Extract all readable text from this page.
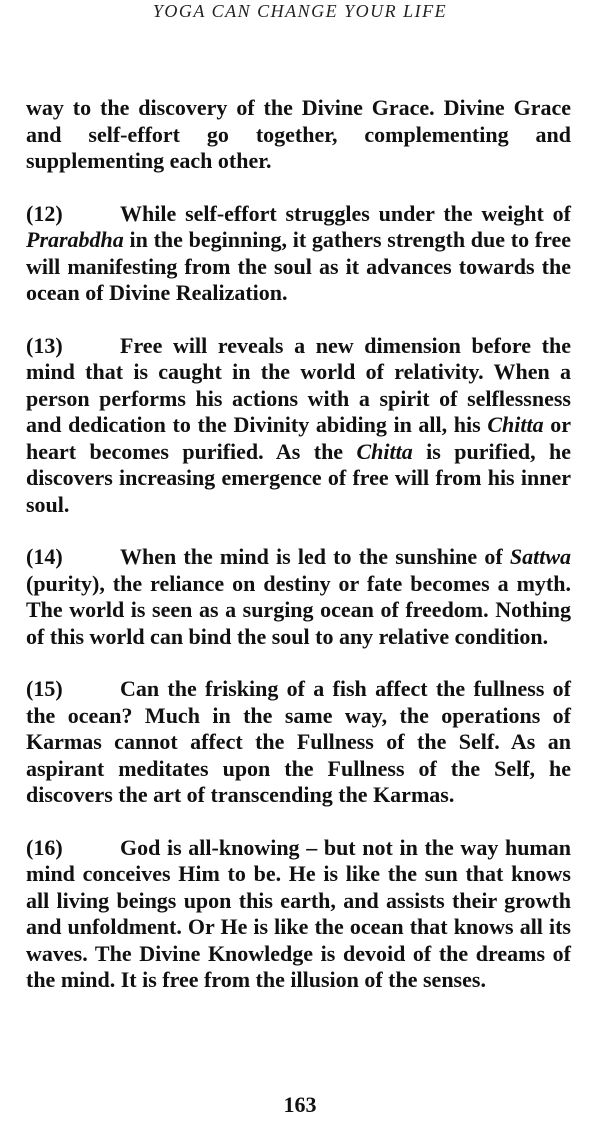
YOGA CAN CHANGE YOUR LIFE

way to the discovery of the Divine Grace. Divine Grace and self-effort go together, complementing and supplementing each other.

(12)	While self-effort struggles under the weight of Prarabdha in the beginning, it gathers strength due to free will manifesting from the soul as it advances towards the ocean of Divine Realization.

(13)	Free will reveals a new dimension before the mind that is caught in the world of relativity. When a person performs his actions with a spirit of selflessness and dedication to the Divinity abiding in all, his Chitta or heart becomes purified. As the Chitta is purified, he discovers increasing emergence of free will from his inner soul.

(14)	When the mind is led to the sunshine of Sattwa (purity), the reliance on destiny or fate becomes a myth. The world is seen as a surging ocean of freedom. Nothing of this world can bind the soul to any relative condition.

(15)	Can the frisking of a fish affect the fullness of the ocean? Much in the same way, the operations of Karmas cannot affect the Fullness of the Self. As an aspirant meditates upon the Fullness of the Self, he discovers the art of transcending the Karmas.

(16)	God is all-knowing – but not in the way human mind conceives Him to be. He is like the sun that knows all living beings upon this earth, and assists their growth and unfoldment. Or He is like the ocean that knows all its waves. The Divine Knowledge is devoid of the dreams of the mind. It is free from the illusion of the senses.

163
